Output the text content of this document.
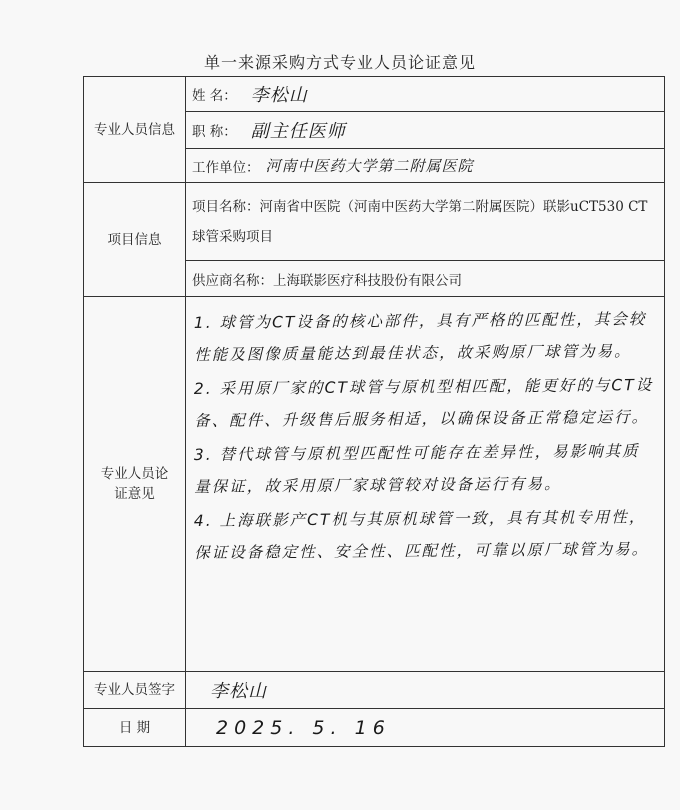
单一来源采购方式专业人员论证意见
专业人员信息	姓 名： 李松山

	职 称： 副主任医师

	工作单位： 河南中医药大学第二附属医院

项目信息	项目名称：河南省中医院（河南中医药大学第二附属医院）联影uCT530 CT球管采购项目

	供应商名称： 上海联影医疗科技股份有限公司

专业人员论证意见	1. 球管为CT设备的核心部件，具有严格的匹配性，其会较性能及图像质量能达到最佳状态，故采购原厂球管为易。

2. 采用原厂家的CT球管与原机型相匹配，能更好的与CT设备、配件、升级售后服务相适，以确保设备正常稳定运行。

3. 替代球管与原机型匹配性可能存在差异性，易影响其质量保证，故采用原厂家球管较对设备运行有易。

4. 上海联影产CT机与其原机球管一致，具有其机专用性，保证设备稳定性、安全性、匹配性，可靠以原厂球管为易。

专业人员签字	李松山
日 期	2025. 5. 16
